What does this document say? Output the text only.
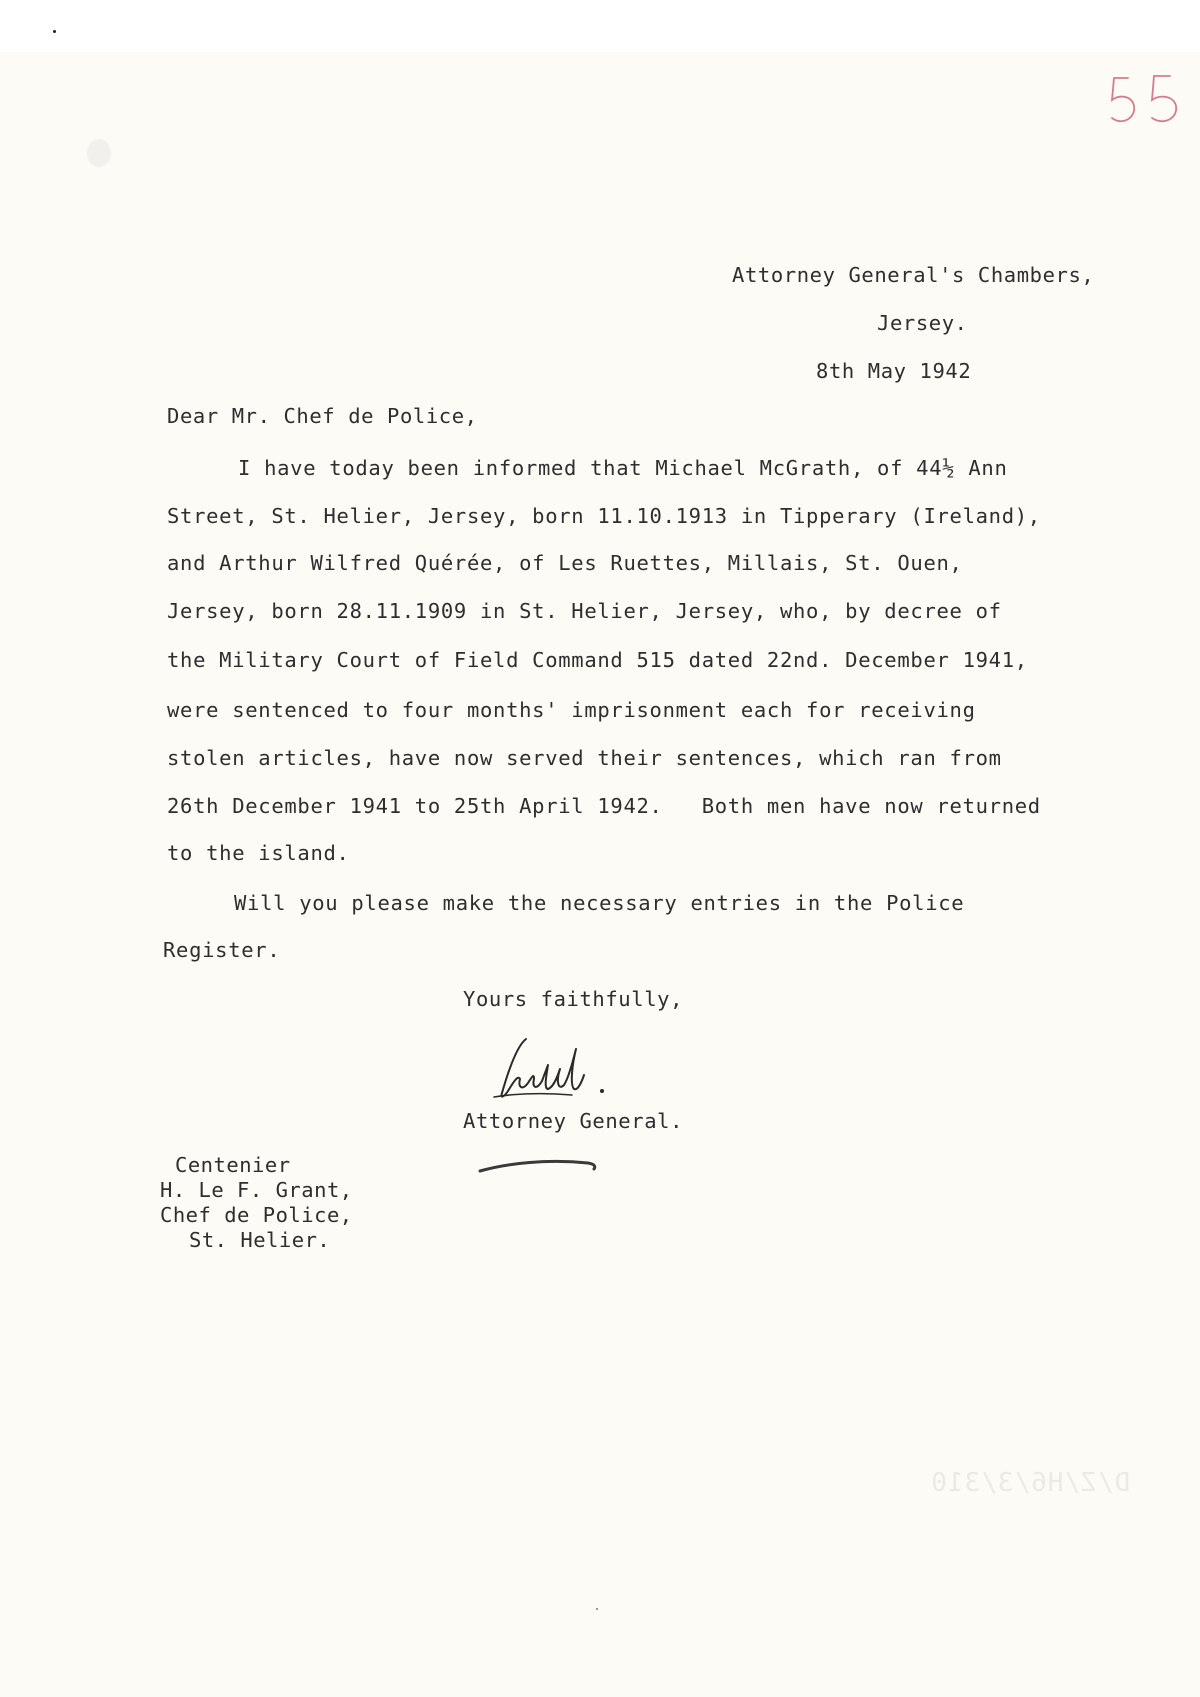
Attorney General's Chambers,
Jersey.
8th May 1942
Dear Mr. Chef de Police,
I have today been informed that Michael McGrath, of 44½ Ann
Street, St. Helier, Jersey, born 11.10.1913 in Tipperary (Ireland),
and Arthur Wilfred Quérée, of Les Ruettes, Millais, St. Ouen,
Jersey, born 28.11.1909 in St. Helier, Jersey, who, by decree of
the Military Court of Field Command 515 dated 22nd. December 1941,
were sentenced to four months' imprisonment each for receiving
stolen articles, have now served their sentences, which ran from
26th December 1941 to 25th April 1942.   Both men have now returned
to the island.
Will you please make the necessary entries in the Police
Register.
Yours faithfully,
Attorney General.
Centenier
H. Le F. Grant,
Chef de Police,
St. Helier.
D/Z/H6/3/310
